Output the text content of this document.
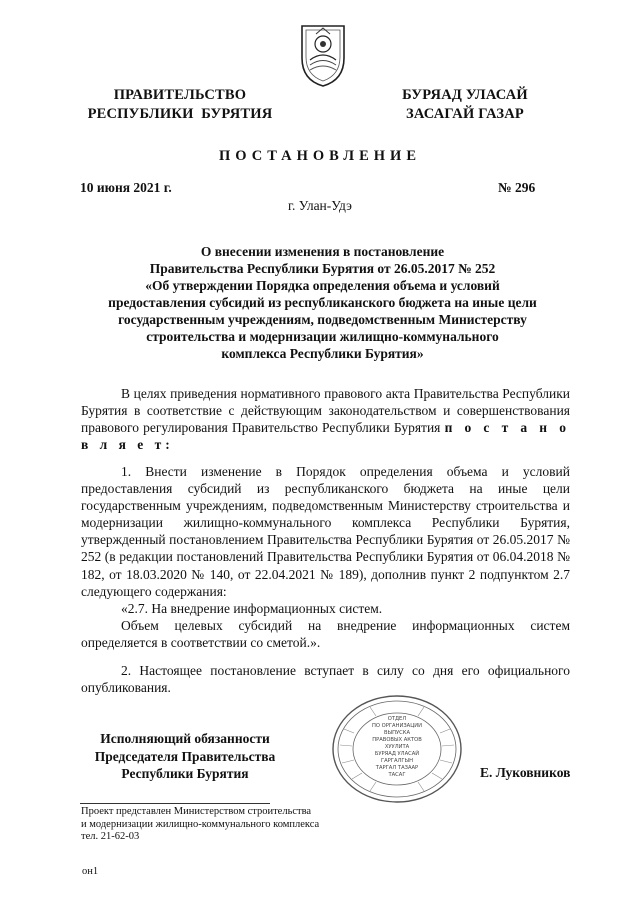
ПРАВИТЕЛЬСТВО
РЕСПУБЛИКИ  БУРЯТИЯ
БУРЯАД УЛАСАЙ
ЗАСАГАЙ ГАЗАР
ПОСТАНОВЛЕНИЕ
10 июня 2021 г.	№ 296
г. Улан-Удэ
О внесении изменения в постановление
Правительства Республики Бурятия от 26.05.2017 № 252
«Об утверждении Порядка определения объема и условий
предоставления субсидий из республиканского бюджета на иные цели
государственным учреждениям, подведомственным Министерству
строительства и модернизации жилищно-коммунального
комплекса Республики Бурятия»

В целях приведения нормативного правового акта Правительства Республики Бурятия в соответствие с действующим законодательством и совершенствования правового регулирования Правительство Республики Бурятия п о с т а н о в л я е т:

1. Внести изменение в Порядок определения объема и условий предоставления субсидий из республиканского бюджета на иные цели государственным учреждениям, подведомственным Министерству строительства и модернизации жилищно-коммунального комплекса Республики Бурятия, утвержденный постановлением Правительства Республики Бурятия от 26.05.2017 № 252 (в редакции постановлений Правительства Республики Бурятия от 06.04.2018 № 182, от 18.03.2020 № 140, от 22.04.2021 № 189), дополнив пункт 2 подпунктом 2.7 следующего содержания:

«2.7. На внедрение информационных систем.

Объем целевых субсидий на внедрение информационных систем определяется в соответствии со сметой.».

2. Настоящее постановление вступает в силу со дня его официального опубликования.

Исполняющий обязанности
Председателя Правительства
Республики Бурятия	Е. Луковников
ОТДЕЛ
ПО ОРГАНИЗАЦИИ
ВЫПУСКА
ПРАВОВЫХ АКТОВ
ХУУЛИТА
БУРЯАД УЛАСАЙ
ГАРГАЛГЫН
ТАРГАЛ ТАЗААР
ТАСАГ
Проект представлен Министерством строительства
и модернизации жилищно-коммунального комплекса
тел. 21-62-03
он1
